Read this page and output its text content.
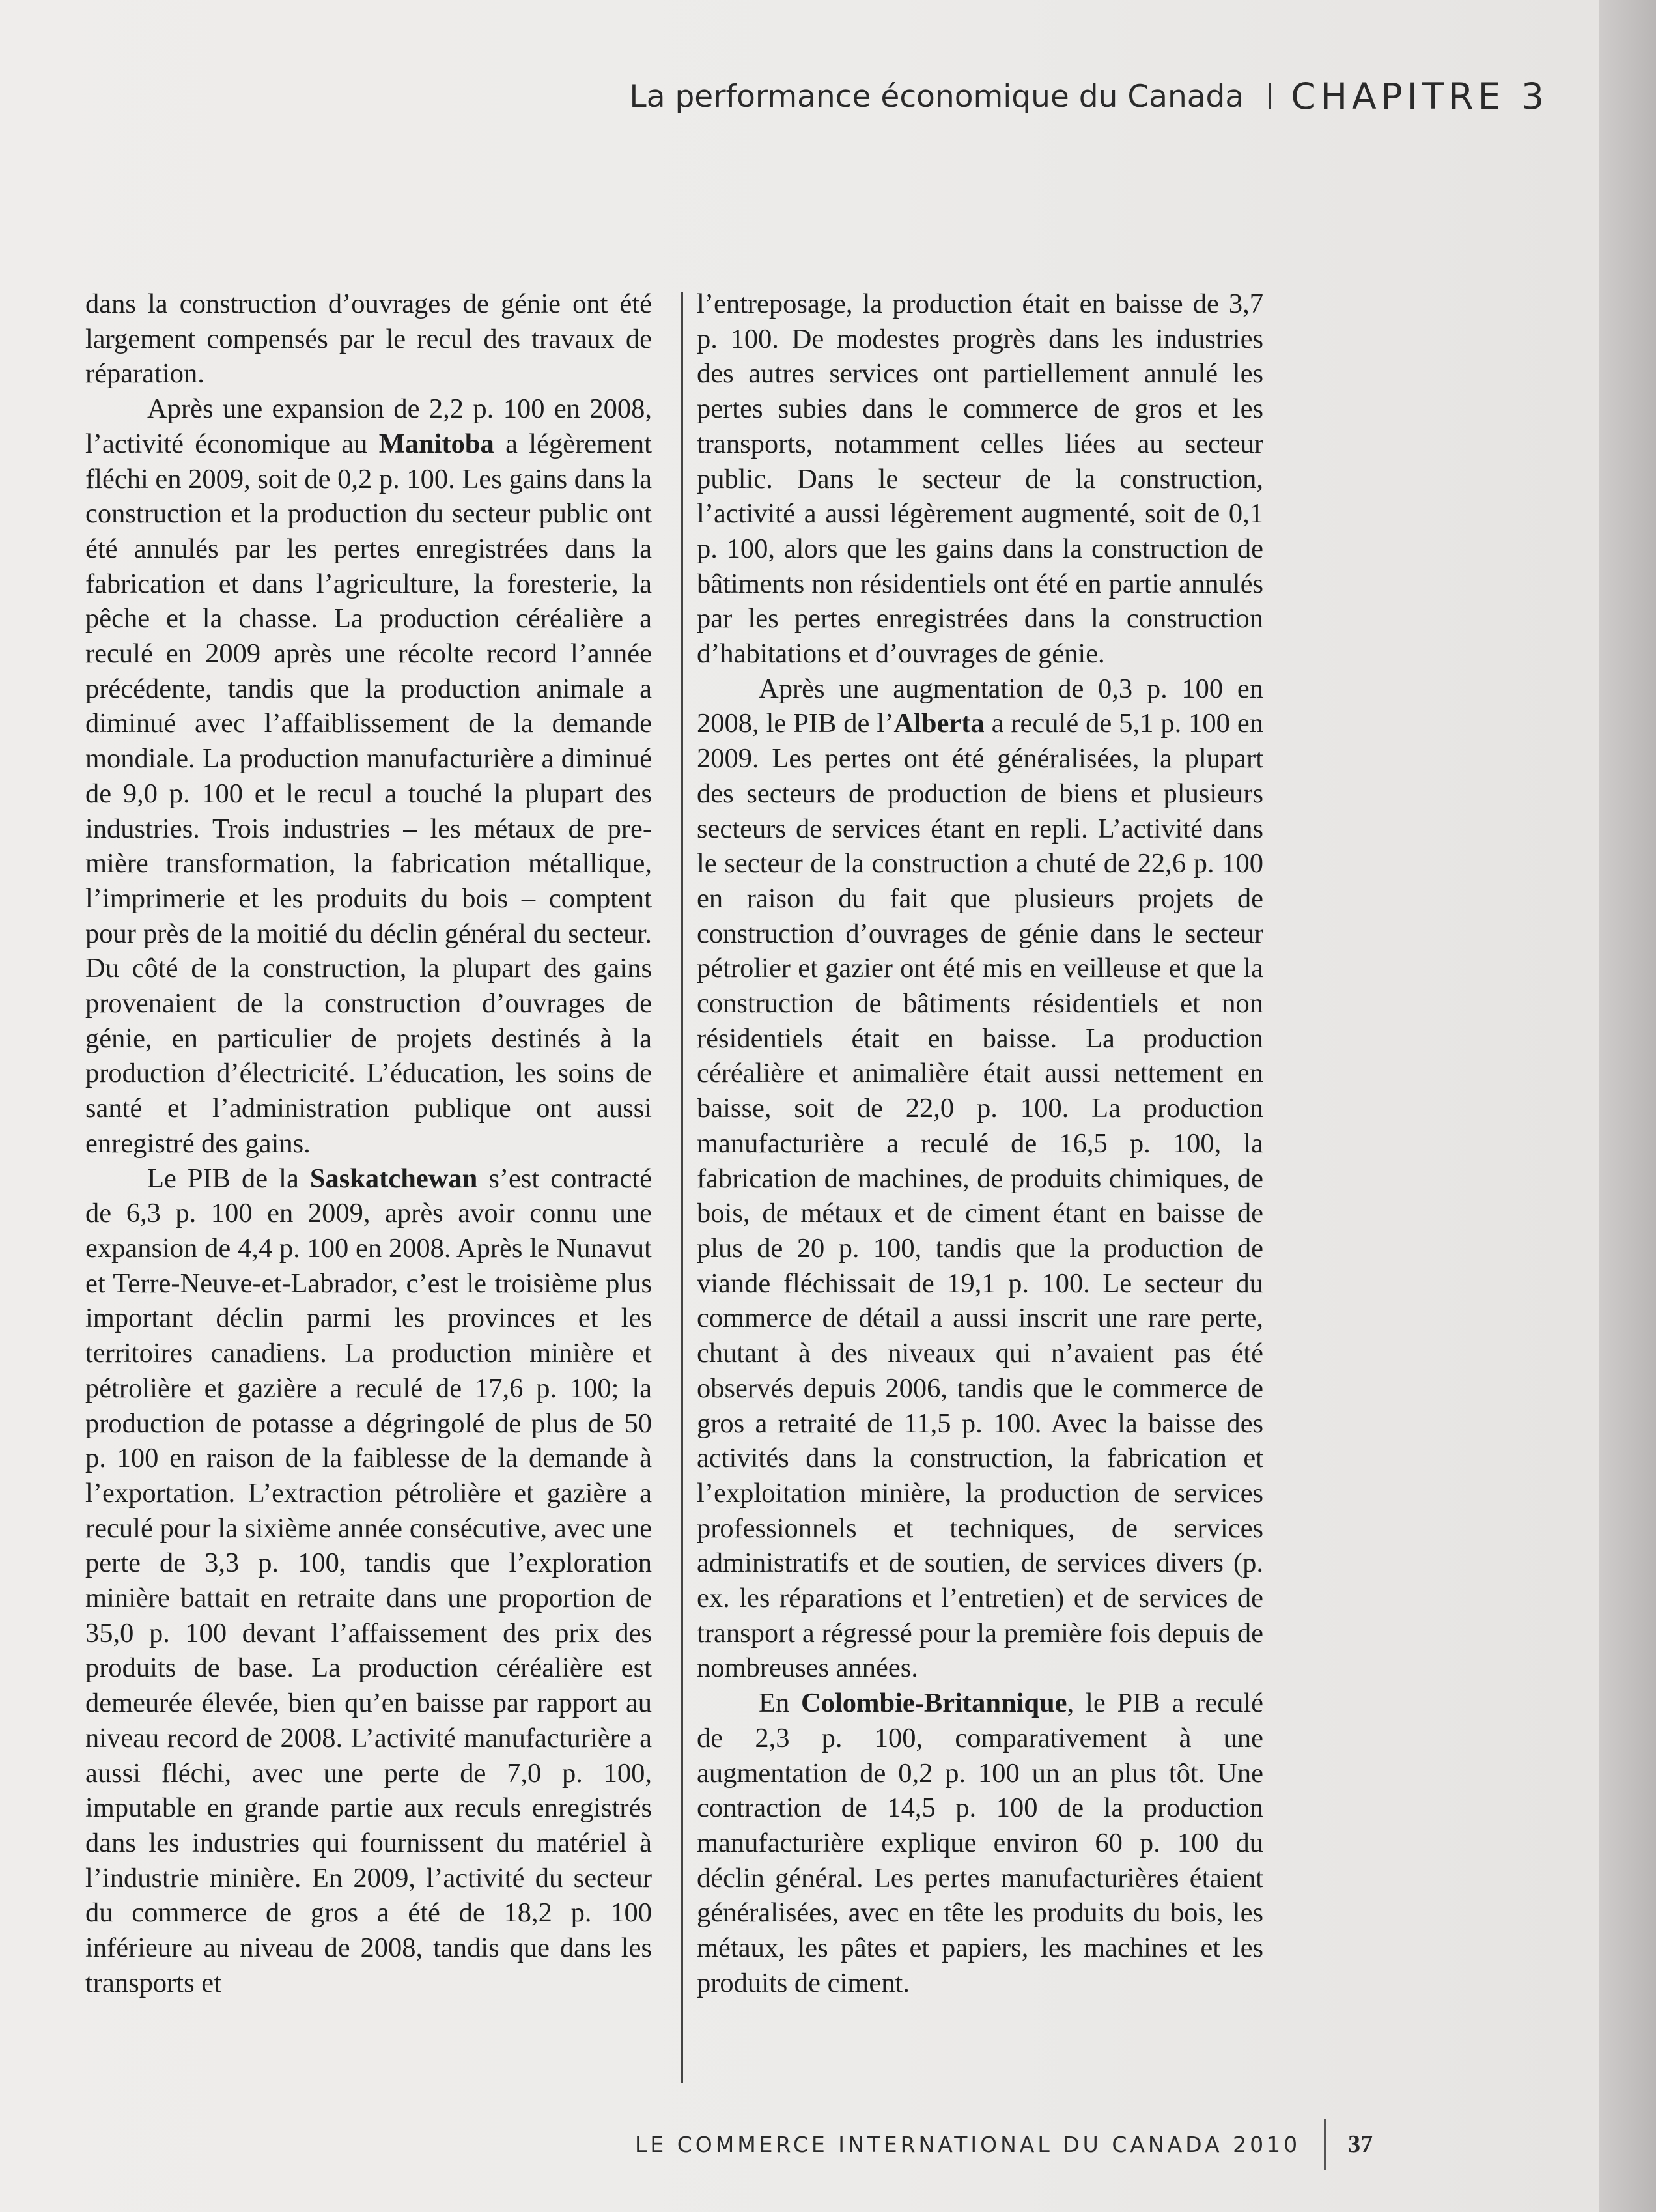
La performance économique du Canada CHAPITRE 3

dans la construction d’ouvrages de génie ont été largement compensés par le recul des travaux de réparation.

Après une expansion de 2,2 p. 100 en 2008, l’activité économique au Manitoba a légèrement fléchi en 2009, soit de 0,2 p. 100. Les gains dans la construction et la production du secteur public ont été annulés par les pertes enregistrées dans la fabrication et dans l’agriculture, la foresterie, la pêche et la chasse. La production céréalière a reculé en 2009 après une récolte record l’année précédente, tandis que la production animale a diminué avec l’affaiblissement de la demande mondiale. La production manufacturière a diminué de 9,0 p. 100 et le recul a touché la plupart des industries. Trois industries – les métaux de première transformation, la fabrication métallique, l’imprimerie et les produits du bois – comptent pour près de la moitié du déclin général du secteur. Du côté de la construction, la plupart des gains provenaient de la construction d’ouvrages de génie, en particulier de projets destinés à la production d’électricité. L’éducation, les soins de santé et l’administration publique ont aussi enregistré des gains.

Le PIB de la Saskatchewan s’est contracté de 6,3 p. 100 en 2009, après avoir connu une expansion de 4,4 p. 100 en 2008. Après le Nunavut et Terre-Neuve-et-Labrador, c’est le troisième plus important déclin parmi les provinces et les territoires canadiens. La production minière et pétrolière et gazière a reculé de 17,6 p. 100; la production de potasse a dégringolé de plus de 50 p. 100 en raison de la faiblesse de la demande à l’exportation. L’extraction pétrolière et gazière a reculé pour la sixième année consécutive, avec une perte de 3,3 p. 100, tandis que l’exploration minière battait en retraite dans une proportion de 35,0 p. 100 devant l’affaissement des prix des produits de base. La production céréalière est demeurée élevée, bien qu’en baisse par rapport au niveau record de 2008. L’activité manufacturière a aussi fléchi, avec une perte de 7,0 p. 100, imputable en grande partie aux reculs enregistrés dans les industries qui fournissent du matériel à l’industrie minière. En 2009, l’activité du secteur du commerce de gros a été de 18,2 p. 100 inférieure au niveau de 2008, tandis que dans les transports et

l’entreposage, la production était en baisse de 3,7 p. 100. De modestes progrès dans les industries des autres services ont partiellement annulé les pertes subies dans le commerce de gros et les transports, notamment celles liées au secteur public. Dans le secteur de la construction, l’activité a aussi légèrement augmenté, soit de 0,1 p. 100, alors que les gains dans la construction de bâtiments non résidentiels ont été en partie annulés par les pertes enregistrées dans la construction d’habitations et d’ouvrages de génie.

Après une augmentation de 0,3 p. 100 en 2008, le PIB de l’Alberta a reculé de 5,1 p. 100 en 2009. Les pertes ont été généralisées, la plupart des secteurs de production de biens et plusieurs secteurs de services étant en repli. L’activité dans le secteur de la construction a chuté de 22,6 p. 100 en raison du fait que plusieurs projets de construction d’ouvrages de génie dans le secteur pétrolier et gazier ont été mis en veilleuse et que la construction de bâtiments résidentiels et non résidentiels était en baisse. La production céréalière et animalière était aussi nettement en baisse, soit de 22,0 p. 100. La production manufacturière a reculé de 16,5 p. 100, la fabrication de machines, de produits chimiques, de bois, de métaux et de ciment étant en baisse de plus de 20 p. 100, tandis que la production de viande fléchissait de 19,1 p. 100. Le secteur du commerce de détail a aussi inscrit une rare perte, chutant à des niveaux qui n’avaient pas été observés depuis 2006, tandis que le commerce de gros a retraité de 11,5 p. 100. Avec la baisse des activités dans la construction, la fabrication et l’exploitation minière, la production de services professionnels et techniques, de services administratifs et de soutien, de services divers (p. ex. les réparations et l’entretien) et de services de transport a régressé pour la première fois depuis de nombreuses années.

En Colombie-Britannique, le PIB a reculé de 2,3 p. 100, comparativement à une augmentation de 0,2 p. 100 un an plus tôt. Une contraction de 14,5 p. 100 de la production manufacturière explique environ 60 p. 100 du déclin général. Les pertes manufacturières étaient généralisées, avec en tête les produits du bois, les métaux, les pâtes et papiers, les machines et les produits de ciment.

LE COMMERCE INTERNATIONAL DU CANADA 2010 37
